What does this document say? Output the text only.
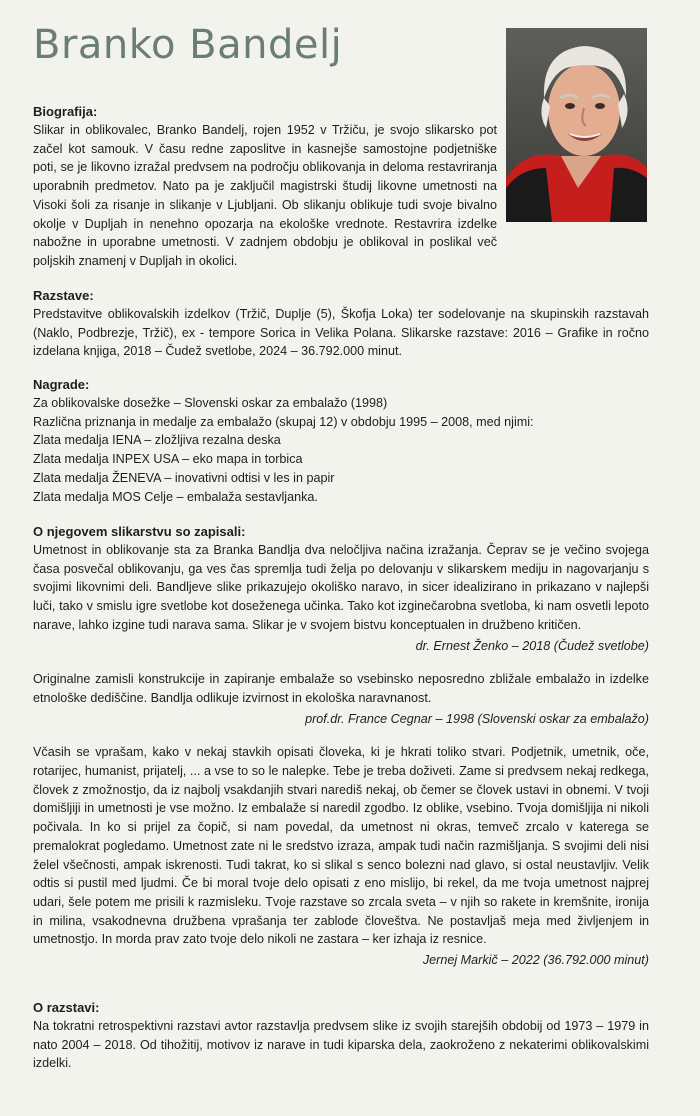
Branko Bandelj
Biografija:

Slikar in oblikovalec, Branko Bandelj, rojen 1952 v Tržiču, je svojo slikarsko pot začel kot samouk. V času redne zaposlitve in kasnejše samostojne podjetniške poti, se je likovno izražal predvsem na področju oblikovanja in deloma restavriranja uporabnih predmetov. Nato pa je zaključil magistrski študij likovne umetnosti na Visoki šoli za risanje in slikanje v Ljubljani. Ob slikanju oblikuje tudi svoje bivalno okolje v Dupljah in nenehno opozarja na ekološke vrednote. Restavrira izdelke nabožne in uporabne umetnosti. V zadnjem obdobju je oblikoval in poslikal več poljskih znamenj v Dupljah in okolici.

Razstave:

Predstavitve oblikovalskih izdelkov (Tržič, Duplje (5), Škofja Loka) ter sodelovanje na skupinskih razstavah (Naklo, Podbrezje, Tržič), ex - tempore Sorica in Velika Polana. Slikarske razstave: 2016 – Grafike in ročno izdelana knjiga, 2018 – Čudež svetlobe, 2024 – 36.792.000 minut.

Nagrade:
Za oblikovalske dosežke – Slovenski oskar za embalažo (1998)
Različna priznanja in medalje za embalažo (skupaj 12) v obdobju 1995 – 2008, med njimi:
Zlata medalja IENA – zložljiva rezalna deska
Zlata medalja INPEX USA – eko mapa in torbica
Zlata medalja ŽENEVA – inovativni odtisi v les in papir
Zlata medalja MOS Celje – embalaža sestavljanka.
O njegovem slikarstvu so zapisali:

Umetnost in oblikovanje sta za Branka Bandlja dva neločljiva načina izražanja. Čeprav se je večino svojega časa posvečal oblikovanju, ga ves čas spremlja tudi želja po delovanju v slikarskem mediju in nagovarjanju s svojimi likovnimi deli. Bandljeve slike prikazujejo okoliško naravo, in sicer idealizirano in prikazano v najlepši luči, tako v smislu igre svetlobe kot doseženega učinka. Tako kot izginečarobna svetloba, ki nam osvetli lepoto narave, lahko izgine tudi narava sama. Slikar je v svojem bistvu konceptualen in družbeno kritičen.

dr. Ernest Ženko – 2018 (Čudež svetlobe)

Originalne zamisli konstrukcije in zapiranje embalaže so vsebinsko neposredno zbližale embalažo in izdelke etnološke dediščine. Bandlja odlikuje izvirnost in ekološka naravnanost.

prof.dr. France Cegnar – 1998 (Slovenski oskar za embalažo)

Včasih se vprašam, kako v nekaj stavkih opisati človeka, ki je hkrati toliko stvari. Podjetnik, umetnik, oče, rotarijec, humanist, prijatelj, ... a vse to so le nalepke. Tebe je treba doživeti. Zame si predvsem nekaj redkega, človek z zmožnostjo, da iz najbolj vsakdanjih stvari narediš nekaj, ob čemer se človek ustavi in obnemi. V tvoji domišljiji in umetnosti je vse možno. Iz embalaže si naredil zgodbo. Iz oblike, vsebino. Tvoja domišljija ni nikoli počivala. In ko si prijel za čopič, si nam povedal, da umetnost ni okras, temveč zrcalo v katerega se premalokrat pogledamo. Umetnost zate ni le sredstvo izraza, ampak tudi način razmišljanja. S svojimi deli nisi želel všečnosti, ampak iskrenosti. Tudi takrat, ko si slikal s senco bolezni nad glavo, si ostal neustavljiv. Velik odtis si pustil med ljudmi. Če bi moral tvoje delo opisati z eno mislijo, bi rekel, da me tvoja umetnost najprej udari, šele potem me prisili k razmisleku. Tvoje razstave so zrcala sveta – v njih so rakete in kremšnite, ironija in milina, vsakodnevna družbena vprašanja ter zablode človeštva. Ne postavljaš meja med življenjem in umetnostjo. In morda prav zato tvoje delo nikoli ne zastara – ker izhaja iz resnice.

Jernej Markič – 2022 (36.792.000 minut)

O razstavi:

Na tokratni retrospektivni razstavi avtor razstavlja predvsem slike iz svojih starejših obdobij od 1973 – 1979 in nato 2004 – 2018. Od tihožitij, motivov iz narave in tudi kiparska dela, zaokroženo z nekaterimi oblikovalskimi izdelki.
